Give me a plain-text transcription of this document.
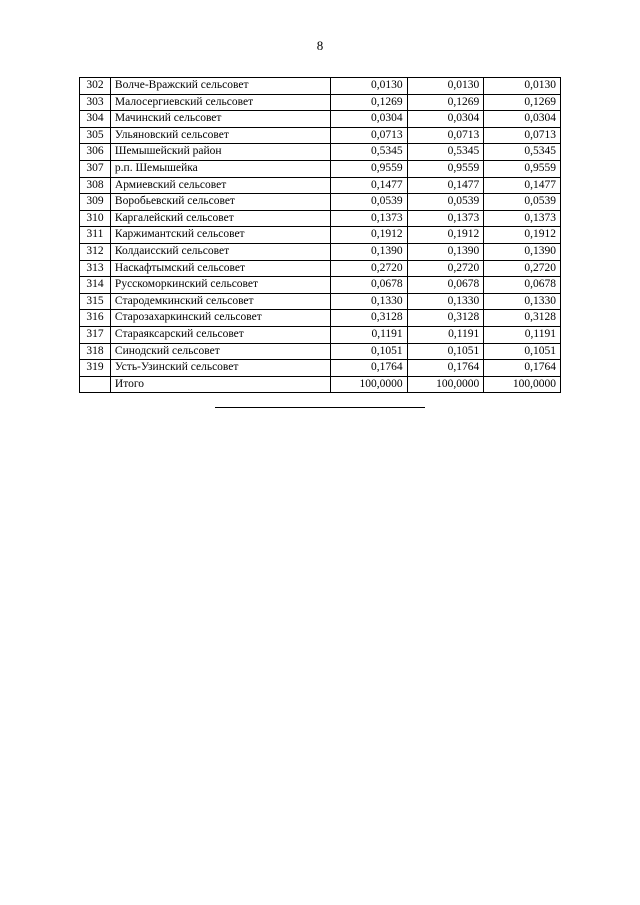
8
302	Волче-Вражский сельсовет	0,0130	0,0130	0,0130
303	Малосергиевский сельсовет	0,1269	0,1269	0,1269
304	Мачинский сельсовет	0,0304	0,0304	0,0304
305	Ульяновский сельсовет	0,0713	0,0713	0,0713
306	Шемышейский район	0,5345	0,5345	0,5345
307	р.п. Шемышейка	0,9559	0,9559	0,9559
308	Армиевский сельсовет	0,1477	0,1477	0,1477
309	Воробьевский сельсовет	0,0539	0,0539	0,0539
310	Каргалейский сельсовет	0,1373	0,1373	0,1373
311	Каржимантский сельсовет	0,1912	0,1912	0,1912
312	Колдаисский сельсовет	0,1390	0,1390	0,1390
313	Наскафтымский сельсовет	0,2720	0,2720	0,2720
314	Русскоморкинский сельсовет	0,0678	0,0678	0,0678
315	Стародемкинский сельсовет	0,1330	0,1330	0,1330
316	Старозахаркинский сельсовет	0,3128	0,3128	0,3128
317	Стараяксарский сельсовет	0,1191	0,1191	0,1191
318	Синодский сельсовет	0,1051	0,1051	0,1051
319	Усть-Узинский сельсовет	0,1764	0,1764	0,1764
	Итого	100,0000	100,0000	100,0000
